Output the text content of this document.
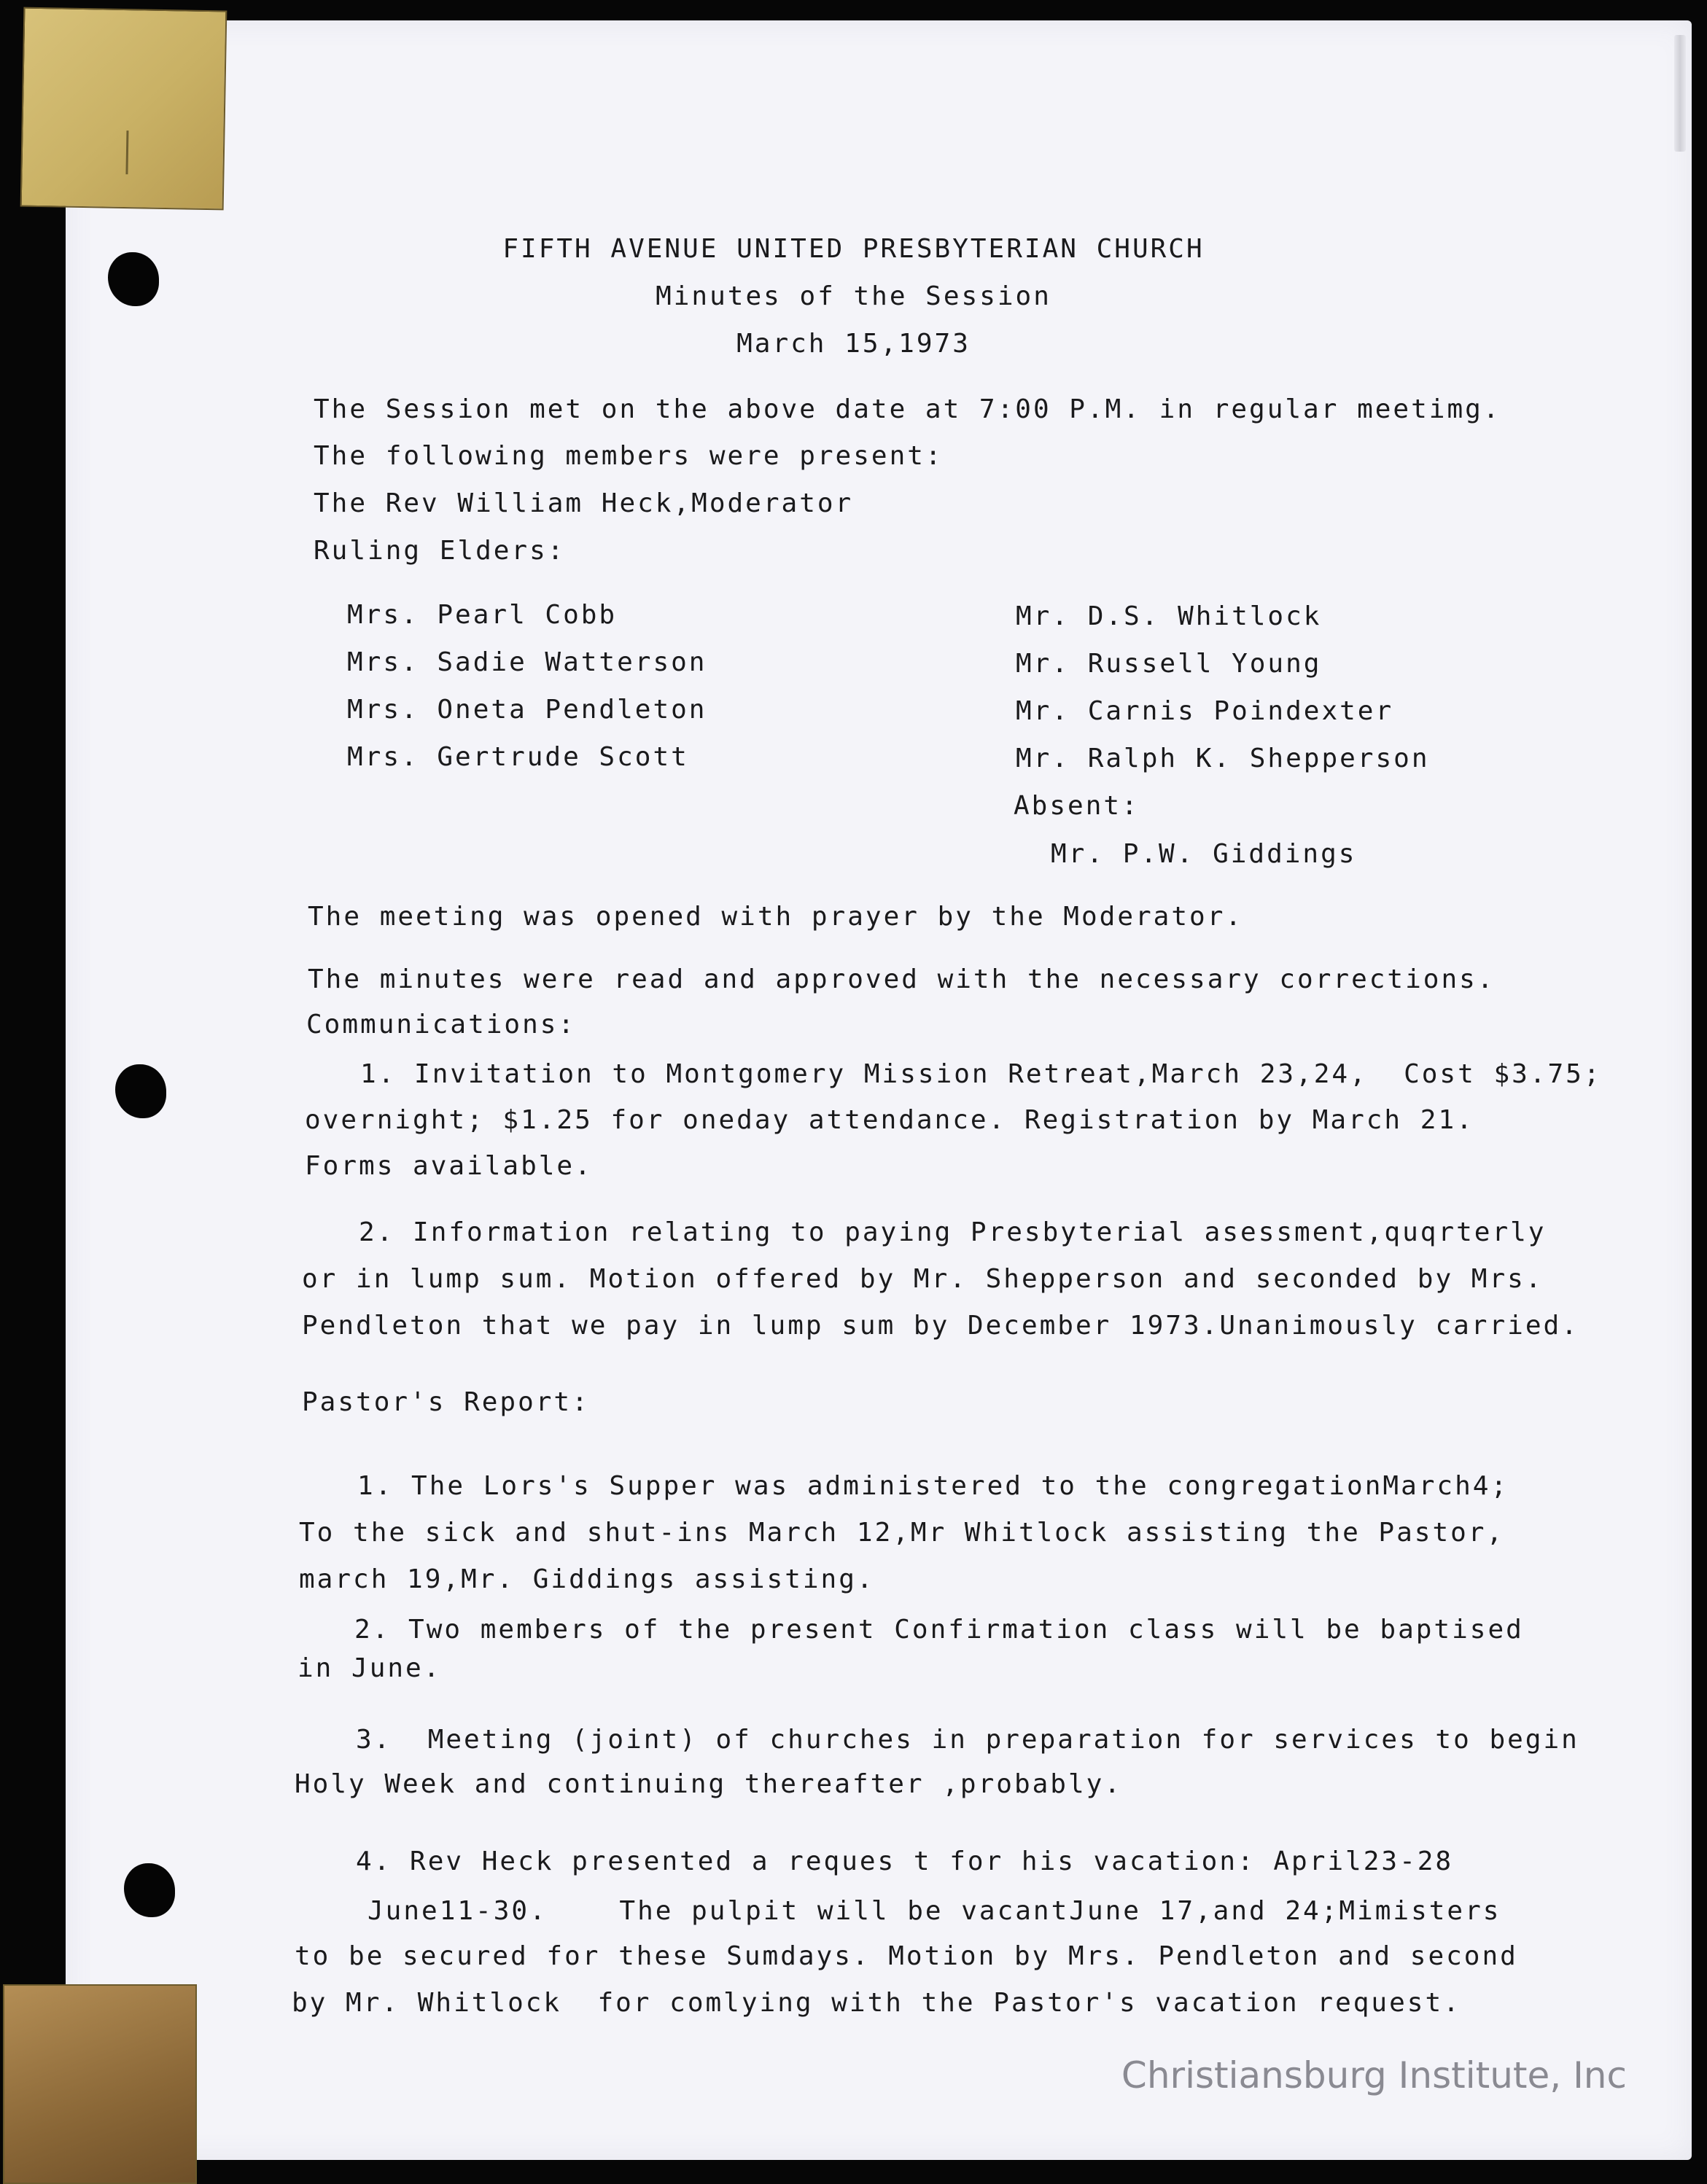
FIFTH AVENUE UNITED PRESBYTERIAN CHURCH
Minutes of the Session
March 15,1973
The Session met on the above date at 7:00 P.M. in regular meetimg.
The following members were present:
The Rev William Heck,Moderator
Ruling Elders:
Mrs. Pearl Cobb
Mrs. Sadie Watterson
Mrs. Oneta Pendleton
Mrs. Gertrude Scott
Mr. D.S. Whitlock
Mr. Russell Young
Mr. Carnis Poindexter
Mr. Ralph K. Shepperson
Absent:
Mr. P.W. Giddings
The meeting was opened with prayer by the Moderator.
The minutes were read and approved with the necessary corrections.
Communications:
1. Invitation to Montgomery Mission Retreat,March 23,24,  Cost $3.75;
overnight; $1.25 for oneday attendance. Registration by March 21.
Forms available.
2. Information relating to paying Presbyterial asessment,quqrterly
or in lump sum. Motion offered by Mr. Shepperson and seconded by Mrs.
Pendleton that we pay in lump sum by December 1973.Unanimously carried.
Pastor's Report:
1. The Lors's Supper was administered to the congregationMarch4;
To the sick and shut-ins March 12,Mr Whitlock assisting the Pastor,
march 19,Mr. Giddings assisting.
2. Two members of the present Confirmation class will be baptised
in June.
3.  Meeting (joint) of churches in preparation for services to begin
Holy Week and continuing thereafter ,probably.
4. Rev Heck presented a reques t for his vacation: April23-28
June11-30.    The pulpit will be vacantJune 17,and 24;Mimisters
to be secured for these Sumdays. Motion by Mrs. Pendleton and second
by Mr. Whitlock  for comlying with the Pastor's vacation request.
Christiansburg Institute, Inc
